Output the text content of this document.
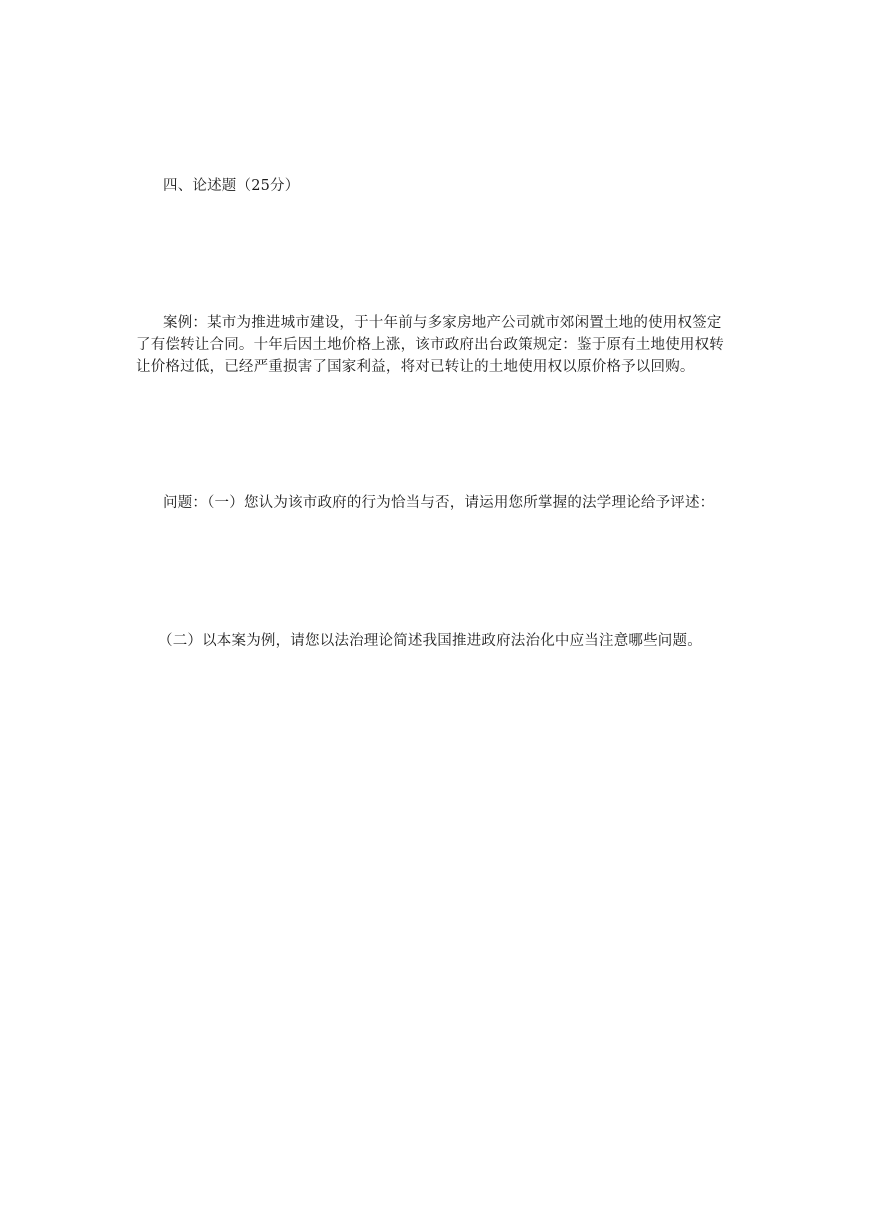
四、论述题（25分）
案例：某市为推进城市建设，于十年前与多家房地产公司就市郊闲置土地的使用权签定
了有偿转让合同。十年后因土地价格上涨，该市政府出台政策规定：鉴于原有土地使用权转
让价格过低，已经严重损害了国家利益，将对已转让的土地使用权以原价格予以回购。
问题：（一）您认为该市政府的行为恰当与否，请运用您所掌握的法学理论给予评述：
（二）以本案为例，请您以法治理论简述我国推进政府法治化中应当注意哪些问题。
